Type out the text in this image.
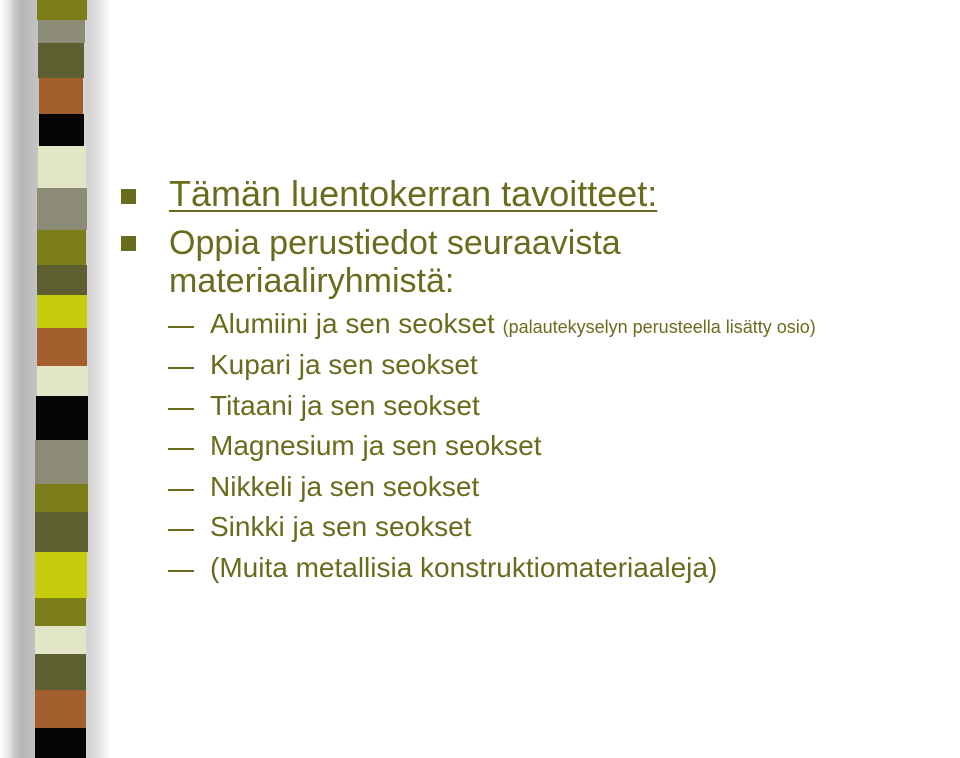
Tämän luentokerran tavoitteet:
Oppia perustiedot seuraavista
materiaaliryhmistä:
Alumiini ja sen seokset (palautekyselyn perusteella lisätty osio)
Kupari ja sen seokset
Titaani ja sen seokset
Magnesium ja sen seokset
Nikkeli ja sen seokset
Sinkki ja sen seokset
(Muita metallisia konstruktiomateriaaleja)
